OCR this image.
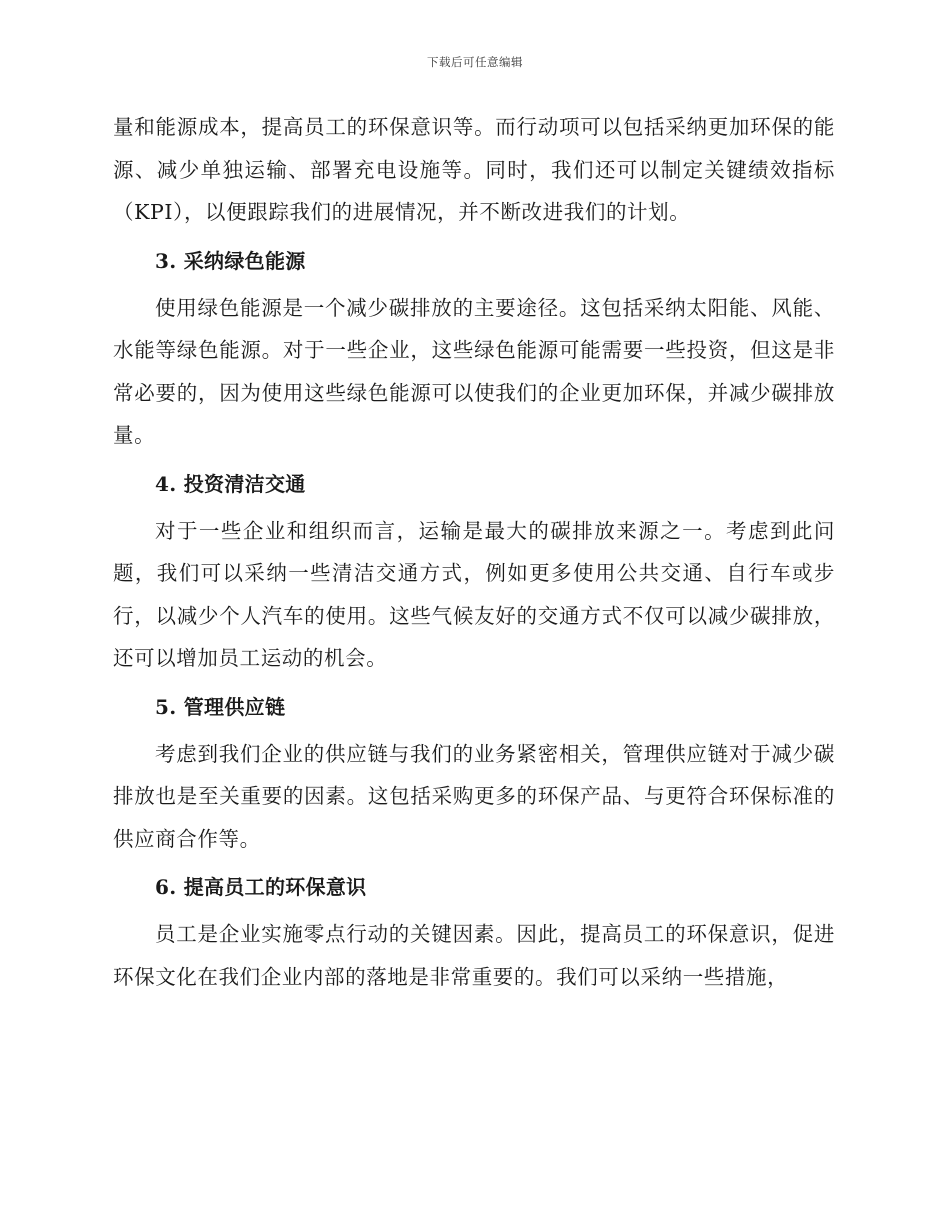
下载后可任意编辑

量和能源成本，提高员工的环保意识等。而行动项可以包括采纳更加环保的能源、减少单独运输、部署充电设施等。同时，我们还可以制定关键绩效指标（KPI），以便跟踪我们的进展情况，并不断改进我们的计划。

3. 采纳绿色能源

使用绿色能源是一个减少碳排放的主要途径。这包括采纳太阳能、风能、水能等绿色能源。对于一些企业，这些绿色能源可能需要一些投资，但这是非常必要的，因为使用这些绿色能源可以使我们的企业更加环保，并减少碳排放量。

4. 投资清洁交通

对于一些企业和组织而言，运输是最大的碳排放来源之一。考虑到此问题，我们可以采纳一些清洁交通方式，例如更多使用公共交通、自行车或步行，以减少个人汽车的使用。这些气候友好的交通方式不仅可以减少碳排放，还可以增加员工运动的机会。

5. 管理供应链

考虑到我们企业的供应链与我们的业务紧密相关，管理供应链对于减少碳排放也是至关重要的因素。这包括采购更多的环保产品、与更符合环保标准的供应商合作等。

6. 提高员工的环保意识

员工是企业实施零点行动的关键因素。因此，提高员工的环保意识，促进环保文化在我们企业内部的落地是非常重要的。我们可以采纳一些措施，
